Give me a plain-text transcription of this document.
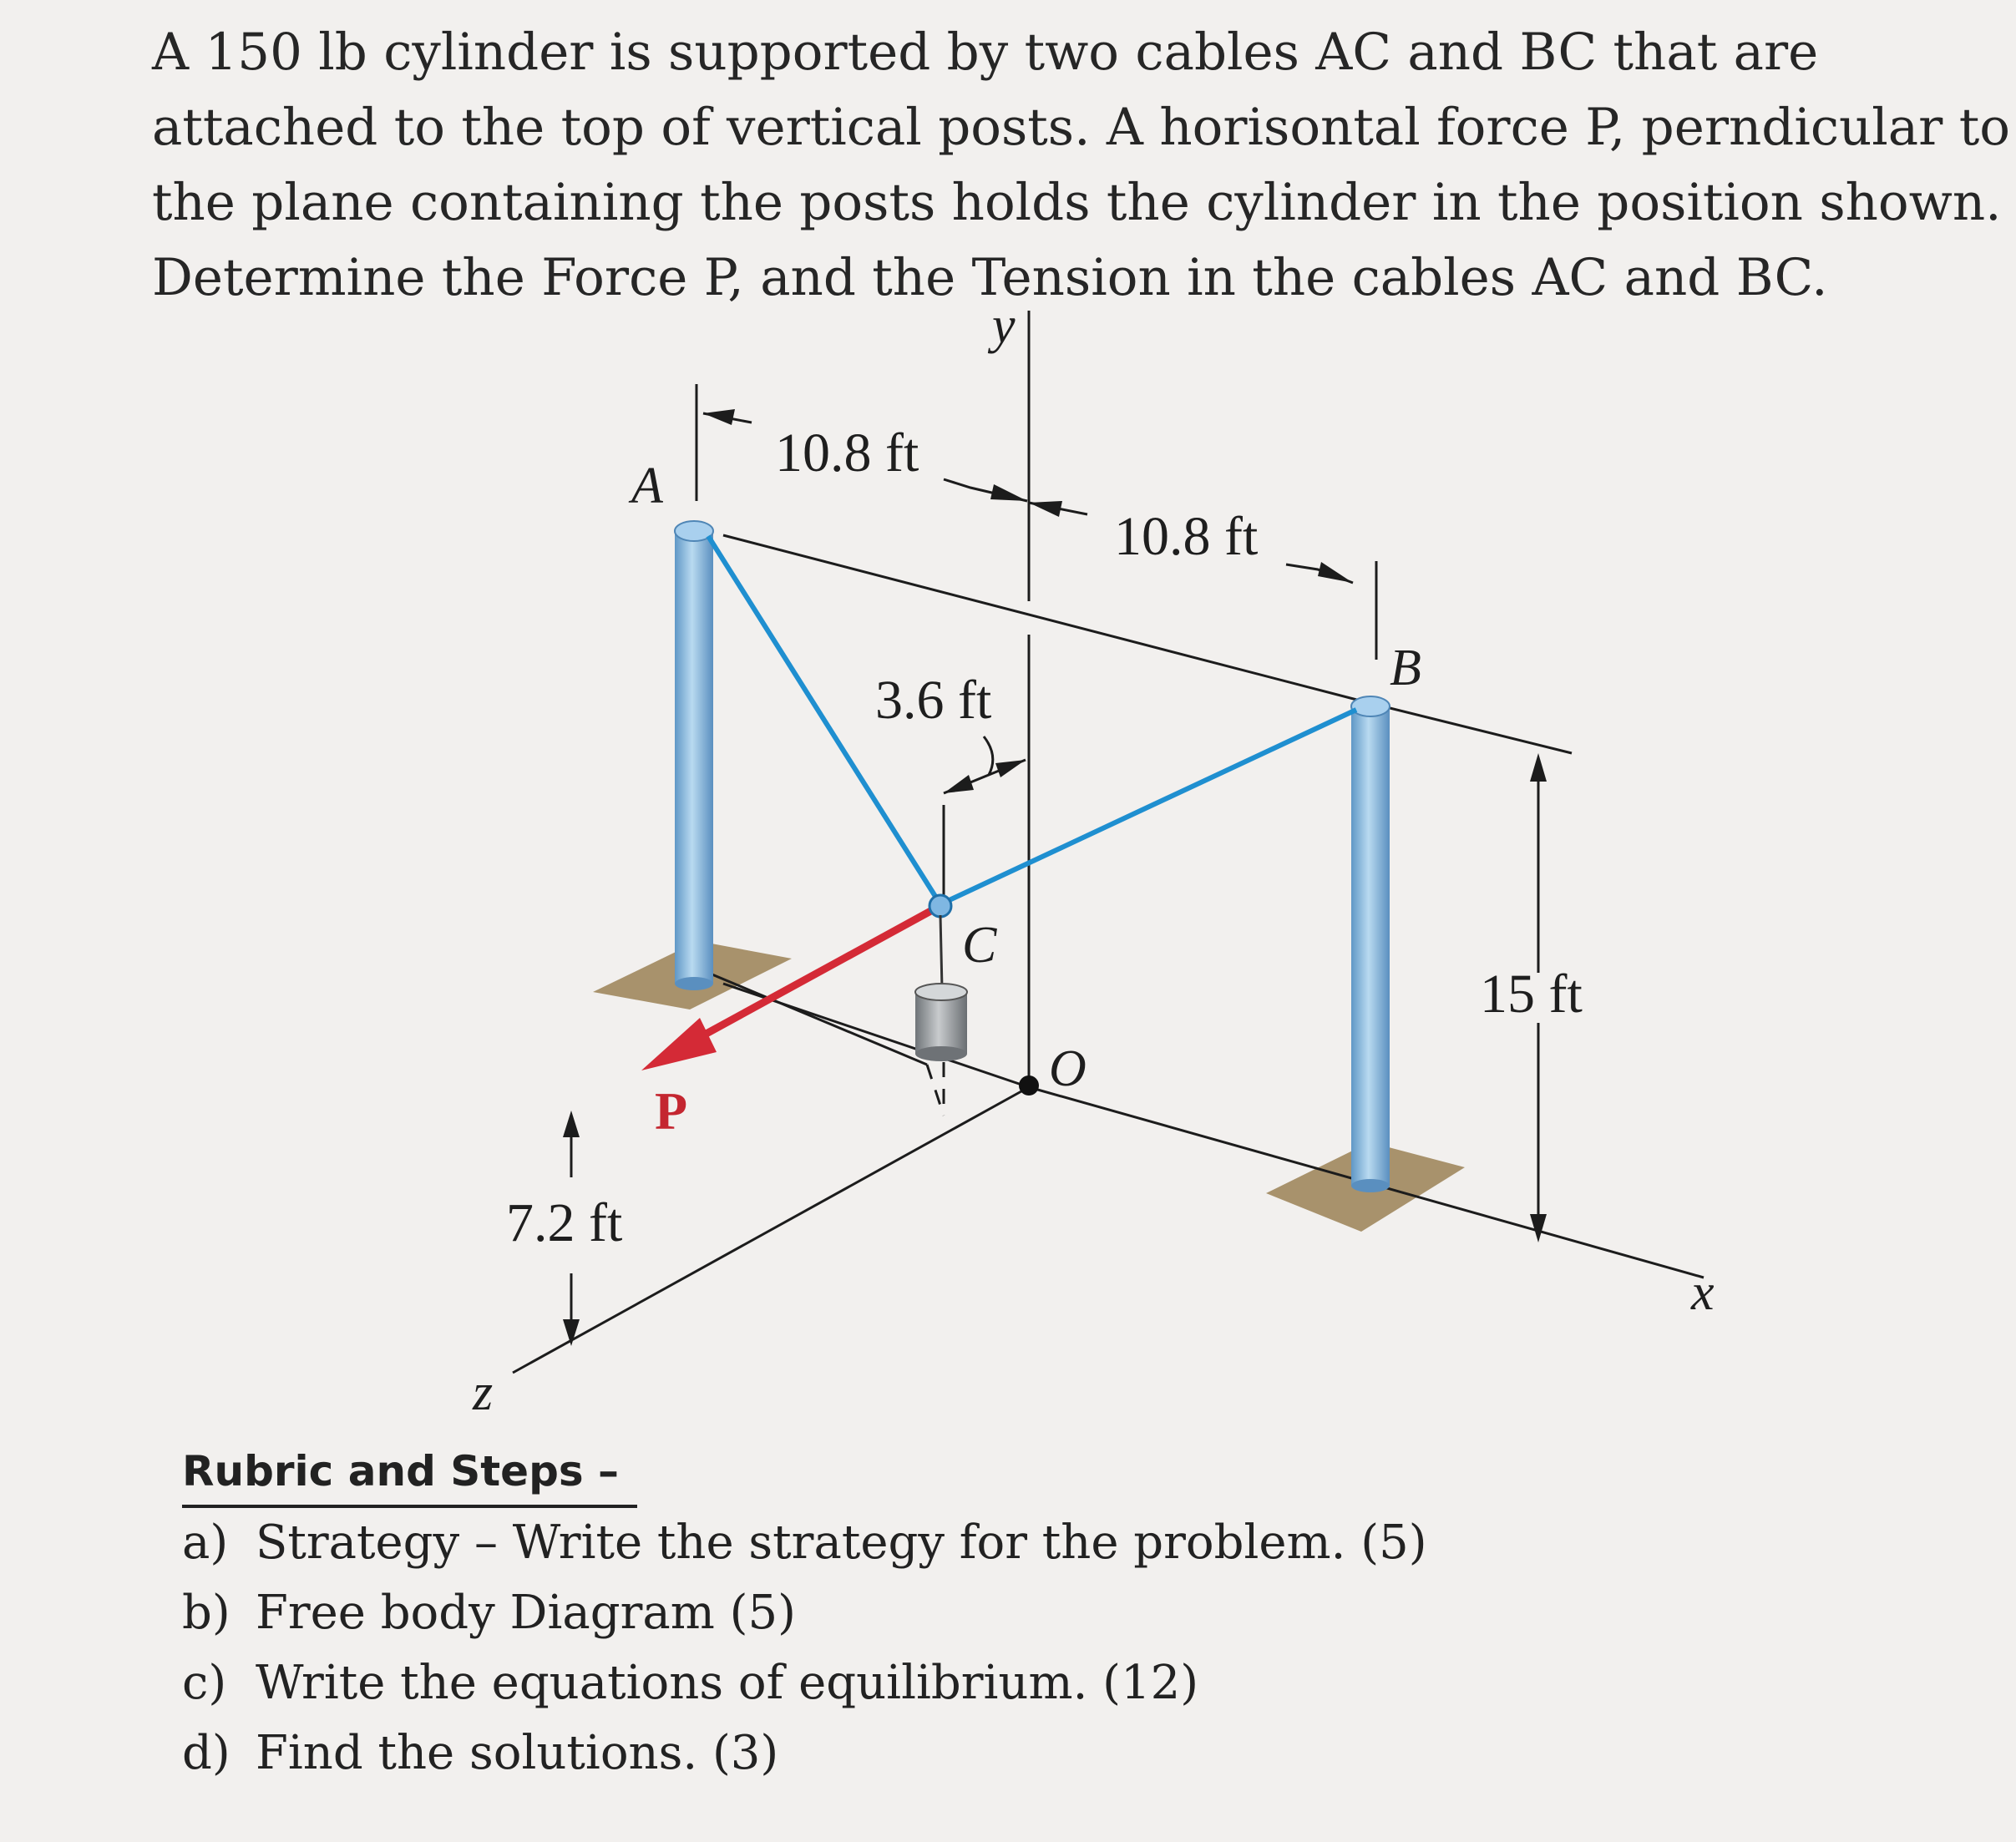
A 150 lb cylinder is supported by two cables AC and BC that are

attached to the top of vertical posts. A horisontal force P, perndicular to

the plane containing the posts holds the cylinder in the position shown.

Determine the Force P, and the Tension in the cables AC and BC.

y
x
z
A
B
C
O
P
10.8 ft
10.8 ft
3.6 ft
15 ft
7.2 ft
Rubric and Steps –
a) Strategy – Write the strategy for the problem. (5)
b) Free body Diagram (5)
c) Write the equations of equilibrium. (12)
d) Find the solutions. (3)
